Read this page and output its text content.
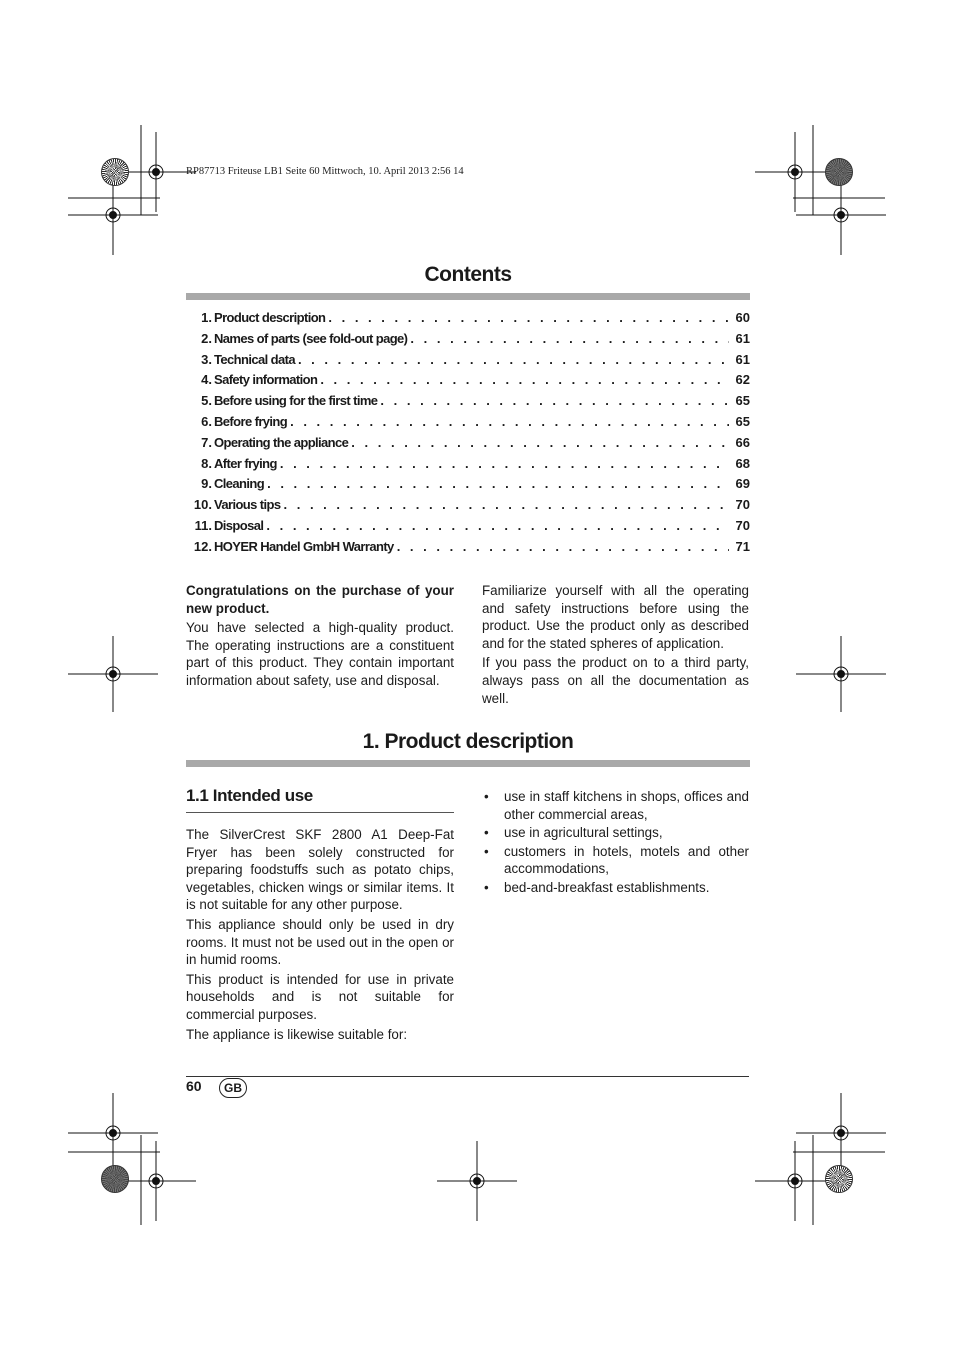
RP87713 Friteuse LB1 Seite 60 Mittwoch, 10. April 2013 2:56 14
Contents
1. Product description . . .	60
2. Names of parts (see fold-out page) . . .	61
3. Technical data . . .	61
4. Safety information . . .	62
5. Before using for the first time . . .	65
6. Before frying . . .	65
7. Operating the appliance . . .	66
8. After frying . . .	68
9. Cleaning . . .	69
10. Various tips . . .	70
11. Disposal . . .	70
12. HOYER Handel GmbH Warranty . . .	71

Congratulations on the purchase of your new product.

You have selected a high-quality product. The operating instructions are a constituent part of this product. They contain important information about safety, use and disposal.

Familiarize yourself with all the operating and safety instructions before using the product. Use the product only as described and for the stated spheres of application.

If you pass the product on to a third party, always pass on all the documentation as well.

1. Product description
1.1 Intended use

The SilverCrest SKF 2800 A1 Deep-Fat Fryer has been solely constructed for preparing foodstuffs such as potato chips, vegetables, chicken wings or similar items. It is not suitable for any other purpose.

This appliance should only be used in dry rooms. It must not be used out in the open or in humid rooms.

This product is intended for use in private households and is not suitable for commercial purposes.

The appliance is likewise suitable for:

• use in staff kitchens in shops, offices and other commercial areas,
• use in agricultural settings,
• customers in hotels, motels and other accommodations,
• bed-and-breakfast establishments.
60	GB
